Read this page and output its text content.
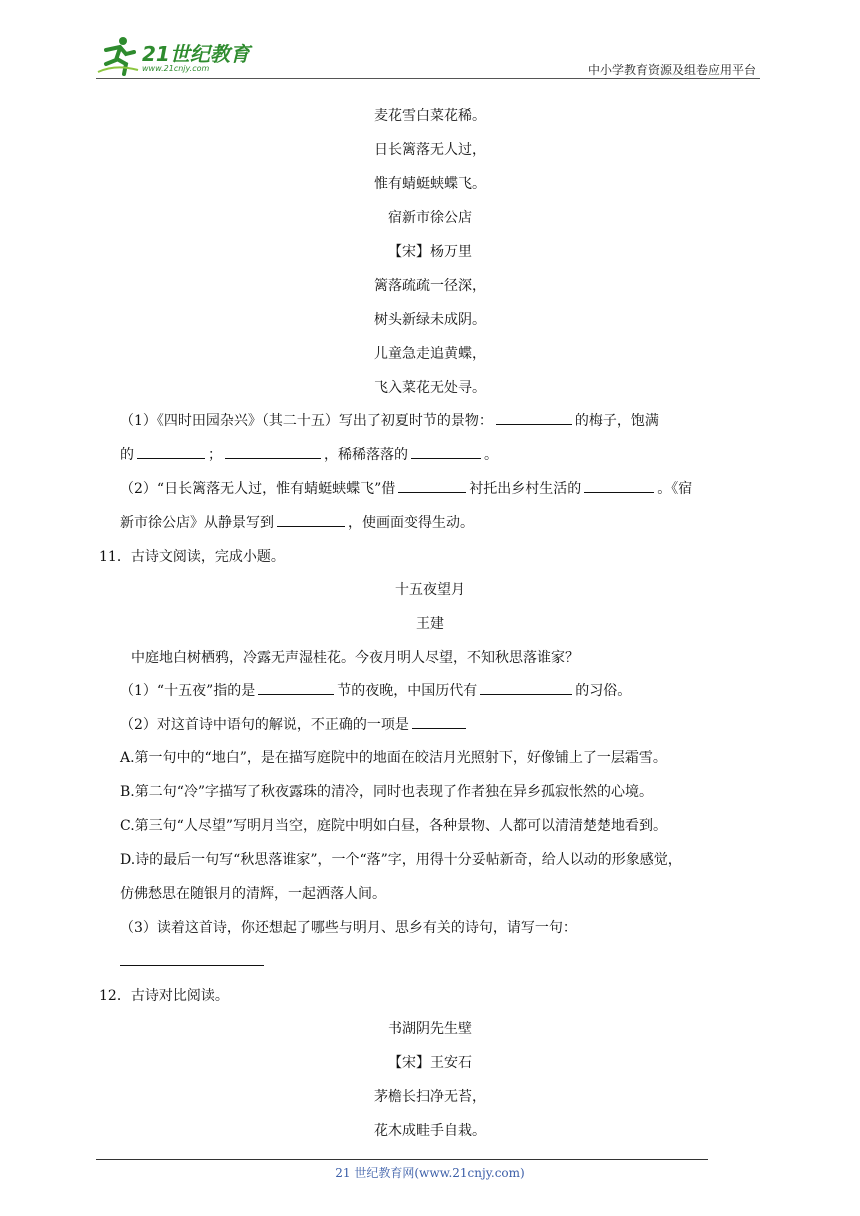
21世纪教育
www.21cnjy.com	中小学教育资源及组卷应用平台
麦花雪白菜花稀。
日长篱落无人过，
惟有蜻蜓蛱蝶飞。
宿新市徐公店
【宋】杨万里
篱落疏疏一径深，
树头新绿未成阴。
儿童急走追黄蝶，
飞入菜花无处寻。
（1）《四时田园杂兴》（其二十五）写出了初夏时节的景物：	的梅子，饱满
的	；	，稀稀落落的	。
（2）“日长篱落无人过，惟有蜻蜓蛱蝶飞”借	衬托出乡村生活的	。《宿
新市徐公店》从静景写到	，使画面变得生动。
11．古诗文阅读，完成小题。
十五夜望月
王建
中庭地白树栖鸦，冷露无声湿桂花。今夜月明人尽望，不知秋思落谁家？
（1）“十五夜”指的是	节的夜晚，中国历代有	的习俗。
（2）对这首诗中语句的解说，不正确的一项是
A.第一句中的“地白”，是在描写庭院中的地面在皎洁月光照射下，好像铺上了一层霜雪。
B.第二句“冷”字描写了秋夜露珠的清冷，同时也表现了作者独在异乡孤寂怅然的心境。
C.第三句“人尽望”写明月当空，庭院中明如白昼，各种景物、人都可以清清楚楚地看到。
D.诗的最后一句写“秋思落谁家”，一个“落”字，用得十分妥帖新奇，给人以动的形象感觉，
仿佛愁思在随银月的清辉，一起洒落人间。
（3）读着这首诗，你还想起了哪些与明月、思乡有关的诗句，请写一句：
12．古诗对比阅读。
书湖阴先生壁
【宋】王安石
茅檐长扫净无苔，
花木成畦手自栽。
21 世纪教育网(www.21cnjy.com)
